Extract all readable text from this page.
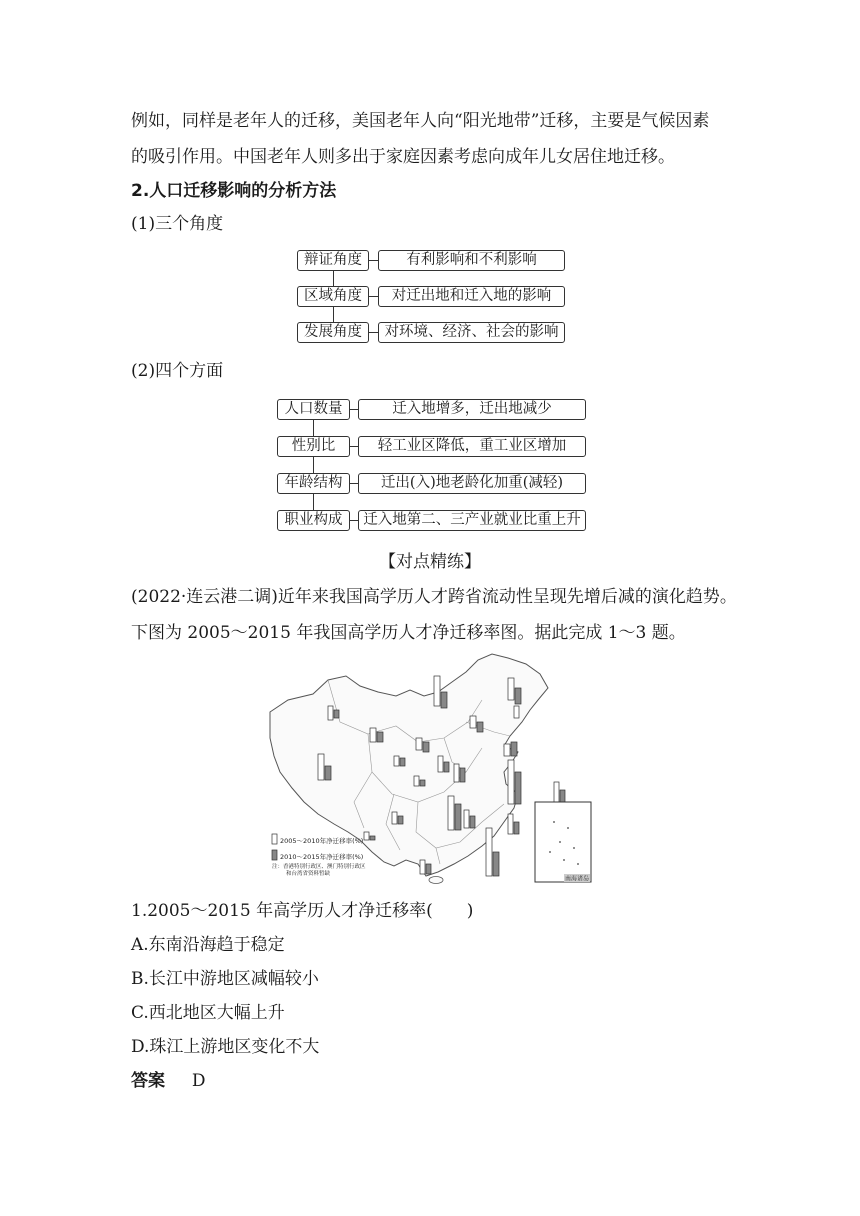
例如，同样是老年人的迁移，美国老年人向“阳光地带”迁移，主要是气候因素
的吸引作用。中国老年人则多出于家庭因素考虑向成年儿女居住地迁移。
2.人口迁移影响的分析方法
(1)三个角度
辩证角度	有利影响和不利影响
区域角度	对迁出地和迁入地的影响
发展角度	对环境、经济、社会的影响
(2)四个方面
人口数量	迁入地增多，迁出地减少
性别比	轻工业区降低，重工业区增加
年龄结构	迁出(入)地老龄化加重(减轻)
职业构成	迁入地第二、三产业就业比重上升
【对点精练】
(2022·连云港二调)近年来我国高学历人才跨省流动性呈现先增后减的演化趋势。
下图为 2005～2015 年我国高学历人才净迁移率图。据此完成 1～3 题。
南海诸岛
2005～2010年净迁移率(%)
2010～2015年净迁移率(%)
注：香港特别行政区、澳门特别行政区
和台湾省资料暂缺
1.2005～2015 年高学历人才净迁移率(　　)
A.东南沿海趋于稳定
B.长江中游地区减幅较小
C.西北地区大幅上升
D.珠江上游地区变化不大
答案 D
